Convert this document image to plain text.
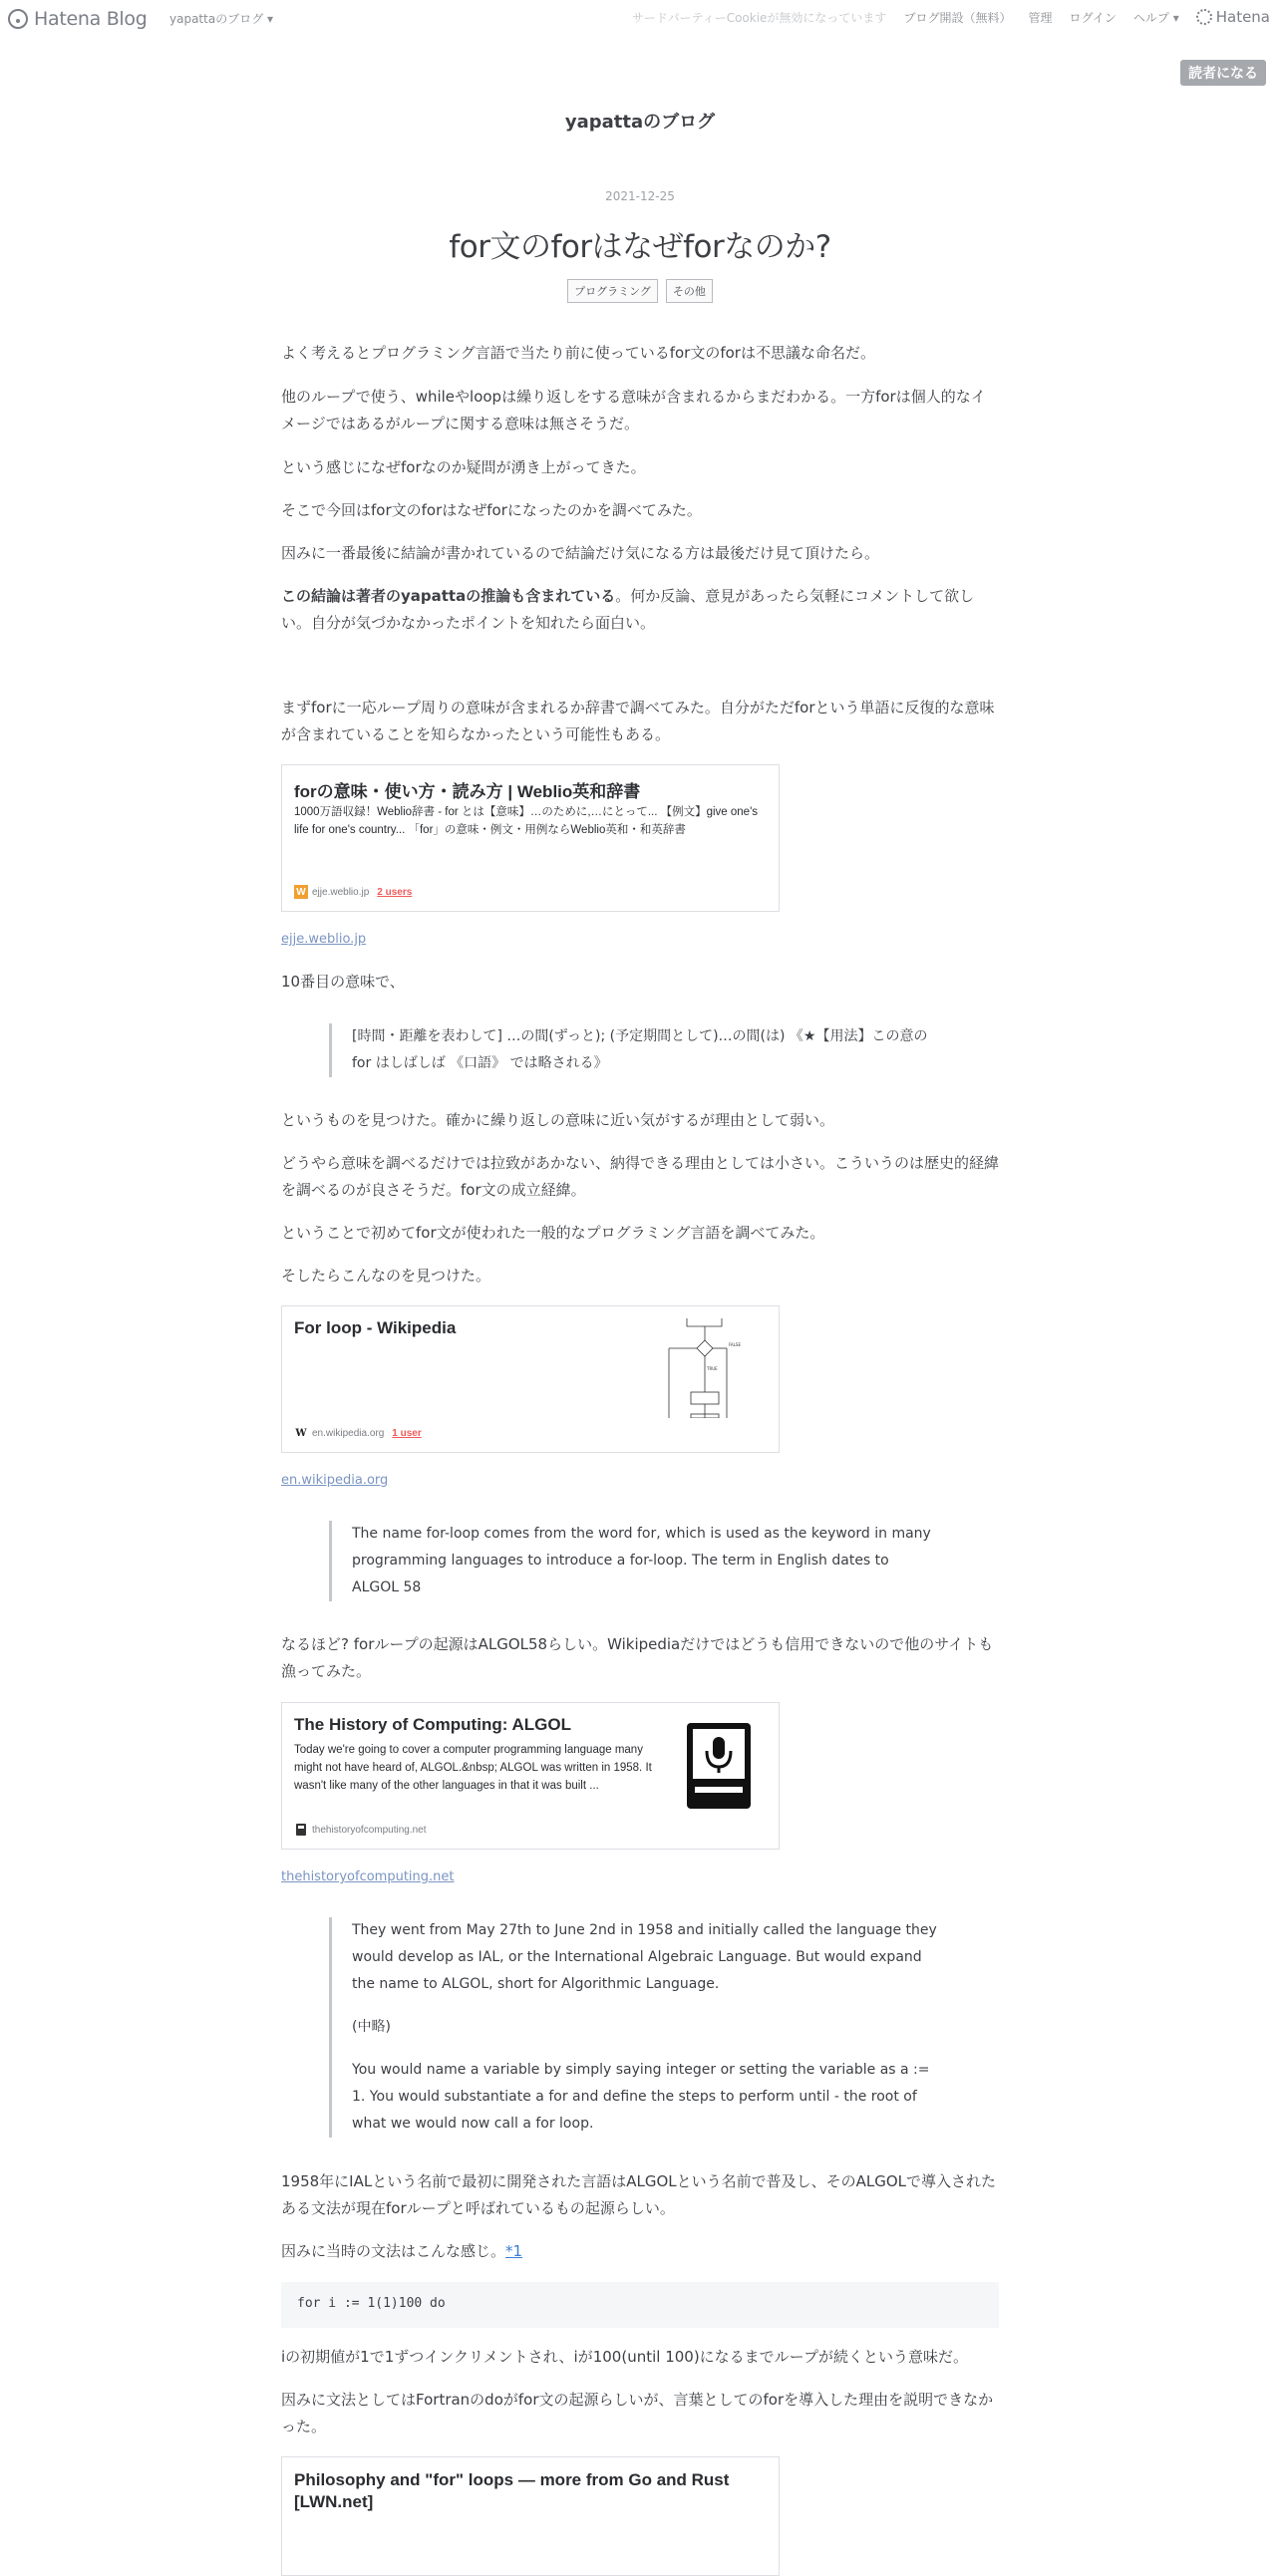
Hatena Blog yapattaのブログ ▾	サードパーティーCookieが無効になっています ブログ開設（無料） 管理 ログイン ヘルプ ▾ Hatena
読者になる
yapattaのブログ
2021-12-25
for文のforはなぜforなのか?
プログラミング	その他

よく考えるとプログラミング言語で当たり前に使っているfor文のforは不思議な命名だ。

他のループで使う、whileやloopは繰り返しをする意味が含まれるからまだわかる。一方forは個人的なイメージではあるがループに関する意味は無さそうだ。

という感じになぜforなのか疑問が湧き上がってきた。

そこで今回はfor文のforはなぜforになったのかを調べてみた。

因みに一番最後に結論が書かれているので結論だけ気になる方は最後だけ見て頂けたら。

この結論は著者のyapattaの推論も含まれている。何か反論、意見があったら気軽にコメントして欲しい。自分が気づかなかったポイントを知れたら面白い。

まずforに一応ループ周りの意味が含まれるか辞書で調べてみた。自分がただforという単語に反復的な意味が含まれていることを知らなかったという可能性もある。

forの意味・使い方・読み方 | Weblio英和辞書
1000万語収録！Weblio辞書 - for とは【意味】…のために,…にとって... 【例文】give one's life for one's country... 「for」の意味・例文・用例ならWeblio英和・和英辞書
W ejje.weblio.jp 2 users
ejje.weblio.jp

10番目の意味で、

[時間・距離を表わして] …の間(ずっと); (予定期間として)…の間(は) 《★【用法】この意の for はしばしば 《口語》 では略される》

というものを見つけた。確かに繰り返しの意味に近い気がするが理由として弱い。

どうやら意味を調べるだけでは拉致があかない、納得できる理由としては小さい。こういうのは歴史的経緯を調べるのが良さそうだ。for文の成立経緯。

ということで初めてfor文が使われた一般的なプログラミング言語を調べてみた。

そしたらこんなのを見つけた。

For loop - Wikipedia
FALSE
TRUE
W en.wikipedia.org 1 user
en.wikipedia.org

The name for-loop comes from the word for, which is used as the keyword in many programming languages to introduce a for-loop. The term in English dates to ALGOL 58

なるほど? forループの起源はALGOL58らしい。Wikipediaだけではどうも信用できないので他のサイトも漁ってみた。

The History of Computing: ALGOL
Today we're going to cover a computer programming language many might not have heard of, ALGOL.&nbsp; ALGOL was written in 1958. It wasn't like many of the other languages in that it was built ...
thehistoryofcomputing.net
thehistoryofcomputing.net

They went from May 27th to June 2nd in 1958 and initially called the language they would develop as IAL, or the International Algebraic Language. But would expand the name to ALGOL, short for Algorithmic Language.

(中略)

You would name a variable by simply saying integer or setting the variable as a := 1. You would substantiate a for and define the steps to perform until - the root of what we would now call a for loop.

1958年にIALという名前で最初に開発された言語はALGOLという名前で普及し、そのALGOLで導入されたある文法が現在forループと呼ばれているもの起源らしい。

因みに当時の文法はこんな感じ。*1

for i := 1(1)100 do

iの初期値が1で1ずつインクリメントされ、iが100(until 100)になるまでループが続くという意味だ。

因みに文法としてはFortranのdoがfor文の起源らしいが、言葉としてのforを導入した理由を説明できなかった。

Philosophy and "for" loops — more from Go and Rust [LWN.net]
